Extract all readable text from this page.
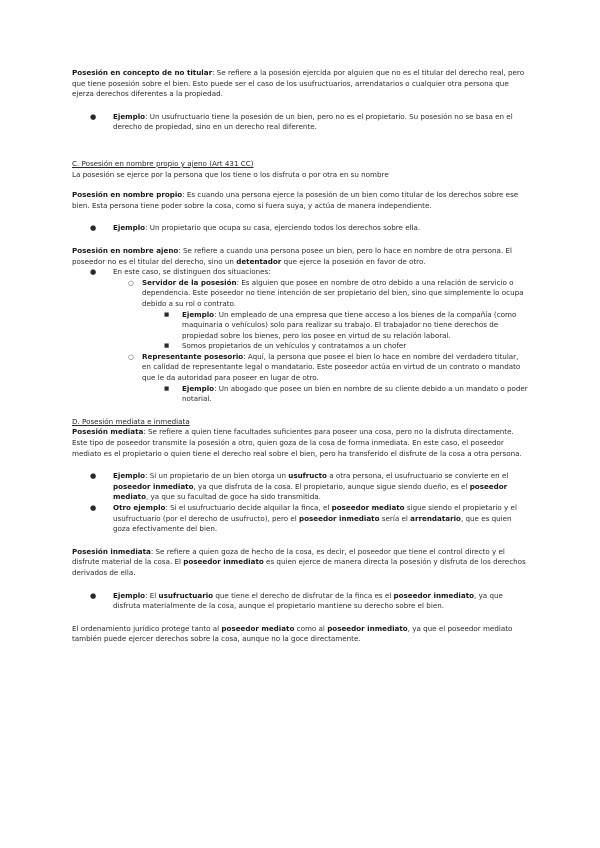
Posesión en concepto de no titular: Se refiere a la posesión ejercida por alguien que no es el titular del derecho real, pero que tiene posesión sobre el bien. Esto puede ser el caso de los usufructuarios, arrendatarios o cualquier otra persona que ejerza derechos diferentes a la propiedad.

● Ejemplo: Un usufructuario tiene la posesión de un bien, pero no es el propietario. Su posesión no se basa en el derecho de propiedad, sino en un derecho real diferente.

C. Posesión en nombre propio y ajeno (Art 431 CC)

La posesión se ejerce por la persona que los tiene o los disfruta o por otra en su nombre

Posesión en nombre propio: Es cuando una persona ejerce la posesión de un bien como titular de los derechos sobre ese bien. Esta persona tiene poder sobre la cosa, como si fuera suya, y actúa de manera independiente.

● Ejemplo: Un propietario que ocupa su casa, ejerciendo todos los derechos sobre ella.

Posesión en nombre ajeno: Se refiere a cuando una persona posee un bien, pero lo hace en nombre de otra persona. El poseedor no es el titular del derecho, sino un detentador que ejerce la posesión en favor de otro.

● En este caso, se distinguen dos situaciones:
○ Servidor de la posesión: Es alguien que posee en nombre de otro debido a una relación de servicio o dependencia. Este poseedor no tiene intención de ser propietario del bien, sino que simplemente lo ocupa debido a su rol o contrato.
■ Ejemplo: Un empleado de una empresa que tiene acceso a los bienes de la compañía (como maquinaria o vehículos) solo para realizar su trabajo. El trabajador no tiene derechos de propiedad sobre los bienes, pero los posee en virtud de su relación laboral.
■ Somos propietarios de un vehículos y contratamos a un chofer
○ Representante posesorio: Aquí, la persona que posee el bien lo hace en nombre del verdadero titular, en calidad de representante legal o mandatario. Este poseedor actúa en virtud de un contrato o mandato que le da autoridad para poseer en lugar de otro.
■ Ejemplo: Un abogado que posee un bien en nombre de su cliente debido a un mandato o poder notarial.

D. Posesión mediata e inmediata

Posesión mediata: Se refiere a quien tiene facultades suficientes para poseer una cosa, pero no la disfruta directamente. Este tipo de poseedor transmite la posesión a otro, quien goza de la cosa de forma inmediata. En este caso, el poseedor mediato es el propietario o quien tiene el derecho real sobre el bien, pero ha transferido el disfrute de la cosa a otra persona.

● Ejemplo: Si un propietario de un bien otorga un usufructo a otra persona, el usufructuario se convierte en el poseedor inmediato, ya que disfruta de la cosa. El propietario, aunque sigue siendo dueño, es el poseedor mediato, ya que su facultad de goce ha sido transmitida.
● Otro ejemplo: Si el usufructuario decide alquilar la finca, el poseedor mediato sigue siendo el propietario y el usufructuario (por el derecho de usufructo), pero el poseedor inmediato sería el arrendatario, que es quien goza efectivamente del bien.

Posesión inmediata: Se refiere a quien goza de hecho de la cosa, es decir, el poseedor que tiene el control directo y el disfrute material de la cosa. El poseedor inmediato es quien ejerce de manera directa la posesión y disfruta de los derechos derivados de ella.

● Ejemplo: El usufructuario que tiene el derecho de disfrutar de la finca es el poseedor inmediato, ya que disfruta materialmente de la cosa, aunque el propietario mantiene su derecho sobre el bien.

El ordenamiento jurídico protege tanto al poseedor mediato como al poseedor inmediato, ya que el poseedor mediato también puede ejercer derechos sobre la cosa, aunque no la goce directamente.
